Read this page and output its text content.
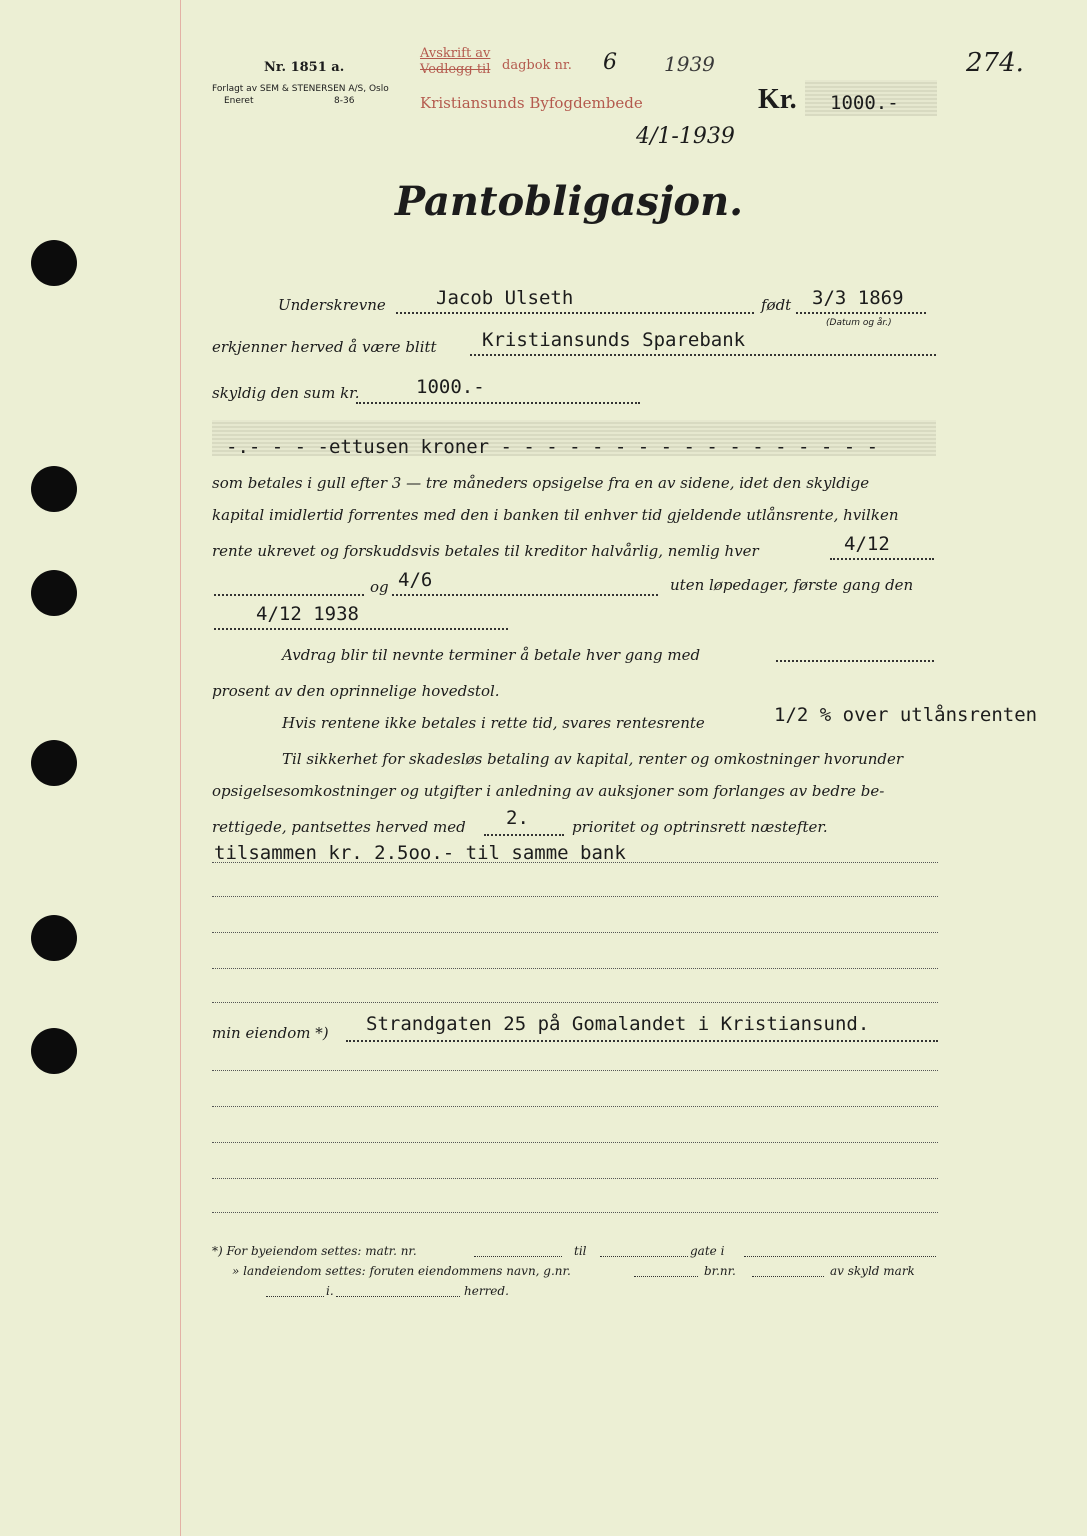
Nr. 1851 a.
Forlagt av SEM & STENERSEN A/S, Oslo
Eneret	8-36
Avskrift av
Vedlegg til dagbok nr. 6 1939
Kristiansunds Byfogdembede
4/1-1939
Kr. 1000.-
274.
Pantobligasjon.
Underskrevne	Jacob Ulseth	født 3/3 1869
(Datum og år.)
erkjenner herved å være blitt Kristiansunds Sparebank
skyldig den sum kr.	1000.-
-.- - - -ettusen kroner - - - - - - - - - - - - - - - - -
som betales i gull efter 3 — tre måneders opsigelse fra en av sidene, idet den skyldige
kapital imidlertid forrentes med den i banken til enhver tid gjeldende utlånsrente, hvilken
rente ukrevet og forskuddsvis betales til kreditor halvårlig, nemlig hver	4/12
og 4/6	uten løpedager, første gang den
4/12 1938
Avdrag blir til nevnte terminer å betale hver gang med
prosent av den oprinnelige hovedstol.
Hvis rentene ikke betales i rette tid, svares rentesrente	1/2 % over utlånsrenten
Til sikkerhet for skadesløs betaling av kapital, renter og omkostninger hvorunder
opsigelsesomkostninger og utgifter i anledning av auksjoner som forlanges av bedre be-
rettigede, pantsettes herved med 2.	prioritet og optrinsrett næstefter.
tilsammen kr. 2.5oo.- til samme bank
min eiendom *) Strandgaten 25 på Gomalandet i Kristiansund.
*) For byeiendom settes: matr. nr.	til	gate i
» landeiendom settes: foruten eiendommens navn, g.nr.	br.nr.	av skyld mark
i.	herred.
